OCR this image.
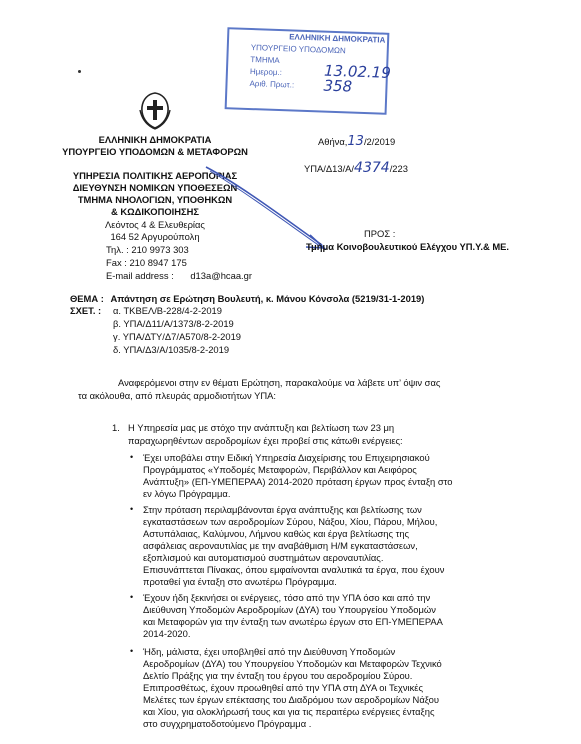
ΕΛΛΗΝΙΚΗ ΔΗΜΟΚΡΑΤΙΑ
ΥΠΟΥΡΓΕΙΟ ΥΠΟΔΟΜΩΝ
ΤΜΗΜΑ
Ημερομ.:	13.02.19
Αριθ. Πρωτ.: 358
ΕΛΛΗΝΙΚΗ ΔΗΜΟΚΡΑΤΙΑ
ΥΠΟΥΡΓΕΙΟ ΥΠΟΔΟΜΩΝ & ΜΕΤΑΦΟΡΩΝ
ΥΠΗΡΕΣΙΑ ΠΟΛΙΤΙΚΗΣ ΑΕΡΟΠΟΡΙΑΣ
ΔΙΕΥΘΥΝΣΗ ΝΟΜΙΚΩΝ ΥΠΟΘΕΣΕΩΝ
ΤΜΗΜΑ ΝΗΟΛΟΓΙΩΝ, ΥΠΟΘΗΚΩΝ
& ΚΩΔΙΚΟΠΟΙΗΣΗΣ
Λεόντος 4 & Ελευθερίας
164 52 Αργυρούπολη
Τηλ. : 210 9973 303
Fax : 210 8947 175
E-mail address : d13a@hcaa.gr
Αθήνα,13/2/2019
ΥΠΑ/Δ13/Α/4374/223
ΠΡΟΣ :
Τμήμα Κοινοβουλευτικού Ελέγχου ΥΠ.Υ.& ΜΕ.
ΘΕΜΑ : Απάντηση σε Ερώτηση Βουλευτή, κ. Μάνου Κόνσολα (5219/31-1-2019)
ΣΧΕΤ. : α. ΤΚΒΕΛ/Β-228/4-2-2019
β. ΥΠΑ/Δ11/Α/1373/8-2-2019
γ. ΥΠΑ/ΔΤΥ/Δ7/Α570/8-2-2019
δ. ΥΠΑ/Δ3/Α/1035/8-2-2019
Αναφερόμενοι στην εν θέματι Ερώτηση, παρακαλούμε να λάβετε υπ’ όψιν σας
τα ακόλουθα, από πλευράς αρμοδιοτήτων ΥΠΑ:
1. Η Υπηρεσία μας με στόχο την ανάπτυξη και βελτίωση των 23 μη
παραχωρηθέντων αεροδρομίων έχει προβεί στις κάτωθι ενέργειες:
• Έχει υποβάλει στην Ειδική Υπηρεσία Διαχείρισης του Επιχειρησιακού
Προγράμματος «Υποδομές Μεταφορών, Περιβάλλον και Αειφόρος
Ανάπτυξη» (ΕΠ-ΥΜΕΠΕΡΑΑ) 2014-2020 πρόταση έργων προς ένταξη στο
εν λόγω Πρόγραμμα.
• Στην πρόταση περιλαμβάνονται έργα ανάπτυξης και βελτίωσης των
εγκαταστάσεων των αεροδρομίων Σύρου, Νάξου, Χίου, Πάρου, Μήλου,
Αστυπάλαιας, Καλύμνου, Λήμνου καθώς και έργα βελτίωσης της
ασφάλειας αεροναυτιλίας με την αναβάθμιση Η/Μ εγκαταστάσεων,
εξοπλισμού και αυτοματισμού συστημάτων αεροναυτιλίας.
Επισυνάπτεται Πίνακας, όπου εμφαίνονται αναλυτικά τα έργα, που έχουν
προταθεί για ένταξη στο ανωτέρω Πρόγραμμα.
• Έχουν ήδη ξεκινήσει οι ενέργειες, τόσο από την ΥΠΑ όσο και από την
Διεύθυνση Υποδομών Αεροδρομίων (ΔΥΑ) του Υπουργείου Υποδομών
και Μεταφορών για την ένταξη των ανωτέρω έργων στο ΕΠ-ΥΜΕΠΕΡΑΑ
2014-2020.
• Ήδη, μάλιστα, έχει υποβληθεί από την Διεύθυνση Υποδομών
Αεροδρομίων (ΔΥΑ) του Υπουργείου Υποδομών και Μεταφορών Τεχνικό
Δελτίο Πράξης για την ένταξη του έργου του αεροδρομίου Σύρου.
Επιπροσθέτως, έχουν προωθηθεί από την ΥΠΑ στη ΔΥΑ οι Τεχνικές
Μελέτες των έργων επέκτασης του Διαδρόμου των αεροδρομίων Νάξου
και Χίου, για ολοκλήρωσή τους και για τις περαιτέρω ενέργειες ένταξης
στο συγχρηματοδοτούμενο Πρόγραμμα .
